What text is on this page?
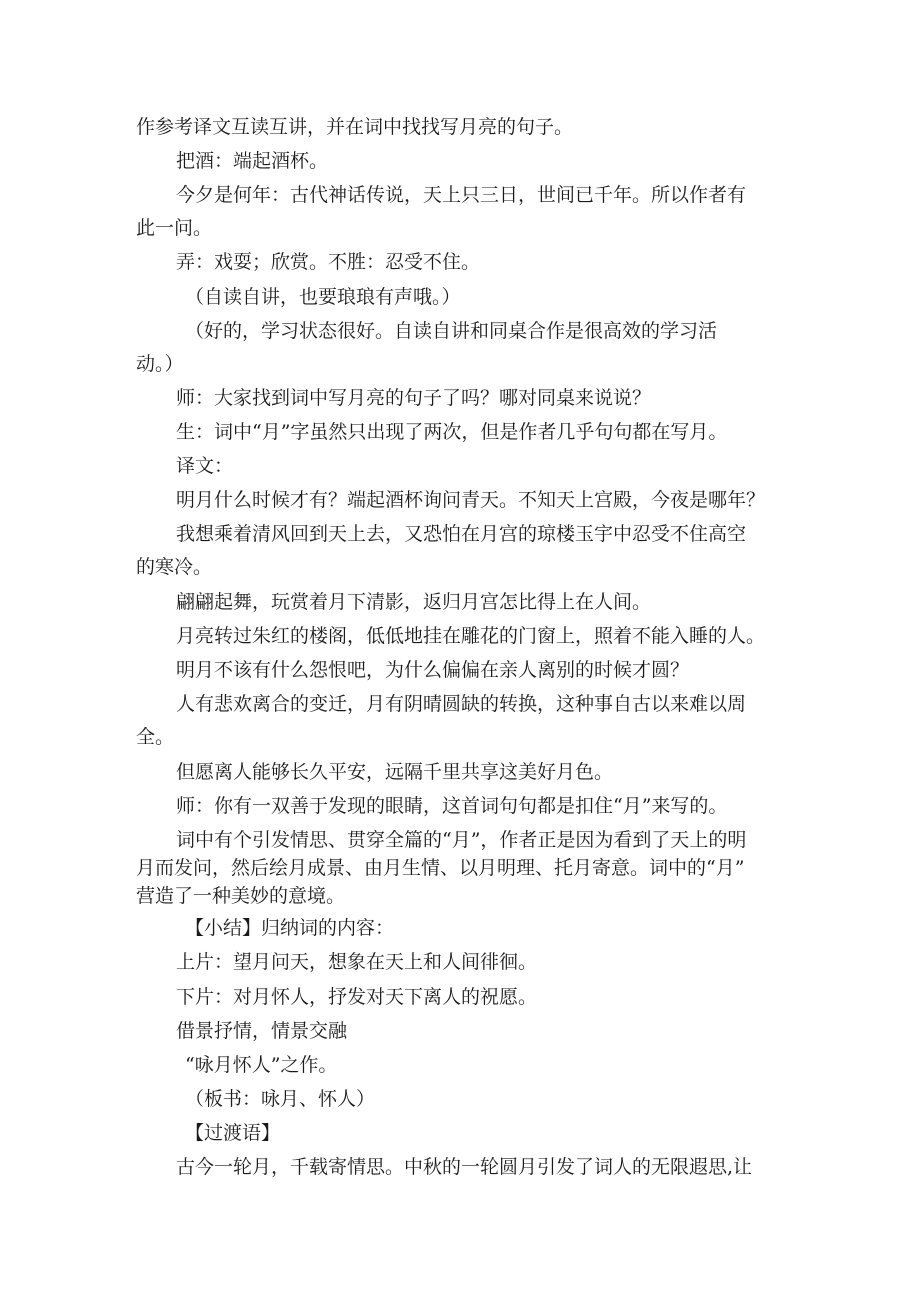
作参考译文互读互讲，并在词中找找写月亮的句子。

把酒：端起酒杯。

今夕是何年：古代神话传说，天上只三日，世间已千年。所以作者有
此一问。

弄：戏耍；欣赏。不胜：忍受不住。

（自读自讲，也要琅琅有声哦。）

（好的，学习状态很好。自读自讲和同桌合作是很高效的学习活
动。）

师：大家找到词中写月亮的句子了吗？哪对同桌来说说？

生：词中“月”字虽然只出现了两次，但是作者几乎句句都在写月。

译文：

明月什么时候才有？端起酒杯询问青天。不知天上宫殿，今夜是哪年？

我想乘着清风回到天上去，又恐怕在月宫的琼楼玉宇中忍受不住高空
的寒冷。

翩翩起舞，玩赏着月下清影，返归月宫怎比得上在人间。

月亮转过朱红的楼阁，低低地挂在雕花的门窗上，照着不能入睡的人。

明月不该有什么怨恨吧，为什么偏偏在亲人离别的时候才圆？

人有悲欢离合的变迁，月有阴晴圆缺的转换，这种事自古以来难以周
全。

但愿离人能够长久平安，远隔千里共享这美好月色。

师：你有一双善于发现的眼睛，这首词句句都是扣住“月”来写的。

词中有个引发情思、贯穿全篇的“月”，作者正是因为看到了天上的明
月而发问，然后绘月成景、由月生情、以月明理、托月寄意。词中的“月”
营造了一种美妙的意境。

【小结】归纳词的内容：

上片：望月问天，想象在天上和人间徘徊。

下片：对月怀人，抒发对天下离人的祝愿。

借景抒情，情景交融

“咏月怀人”之作。

（板书：咏月、怀人）

【过渡语】

古今一轮月，千载寄情思。中秋的一轮圆月引发了词人的无限遐思,让
